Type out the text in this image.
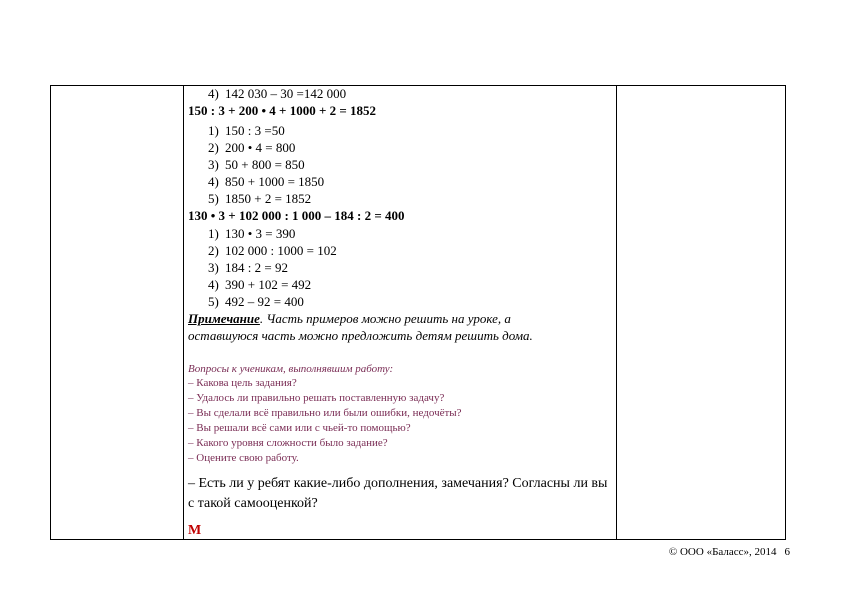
4) 142 030 – 30 =142 000
150 : 3 + 200 • 4 + 1000 + 2 = 1852
1) 150 : 3 =50
2) 200 • 4 = 800
3) 50 + 800 = 850
4) 850 + 1000 = 1850
5) 1850 + 2 = 1852
130 • 3 + 102 000 : 1 000 – 184 : 2 = 400
1) 130 • 3 = 390
2) 102 000 : 1000 = 102
3) 184 : 2 = 92
4) 390 + 102 = 492
5) 492 – 92 = 400
Примечание. Часть примеров можно решить на уроке, а
оставшуюся часть можно предложить детям решить дома.
Вопросы к ученикам, выполнявшим работу:
– Какова цель задания?
– Удалось ли правильно решать поставленную задачу?
– Вы сделали всё правильно или были ошибки, недочёты?
– Вы решали всё сами или с чьей-то помощью?
– Какого уровня сложности было задание?
– Оцените свою работу.
– Есть ли у ребят какие-либо дополнения, замечания? Согласны ли вы
с такой самооценкой?
М
© ООО «Баласс», 2014 6
